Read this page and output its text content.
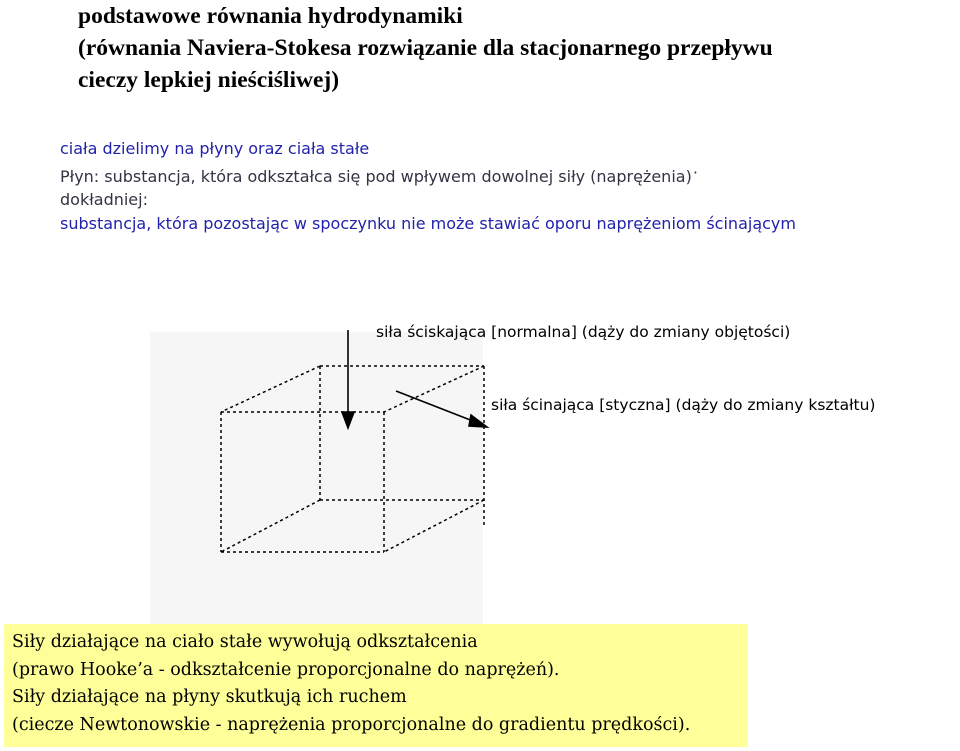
podstawowe równania hydrodynamiki
(równania Naviera-Stokesa rozwiązanie dla stacjonarnego przepływu
cieczy lepkiej nieściśliwej)
ciała dzielimy na płyny oraz ciała stałe
Płyn: substancja, która odkształca się pod wpływem dowolnej siły (naprężenia)·
dokładniej:
substancja, która pozostając w spoczynku nie może stawiać oporu naprężeniom ścinającym
siła ściskająca [normalna] (dąży do zmiany objętości)
siła ścinająca [styczna] (dąży do zmiany kształtu)
Siły działające na ciało stałe wywołują odkształcenia
(prawo Hooke’a - odkształcenie proporcjonalne do naprężeń).
Siły działające na płyny skutkują ich ruchem
(ciecze Newtonowskie - naprężenia proporcjonalne do gradientu prędkości).
